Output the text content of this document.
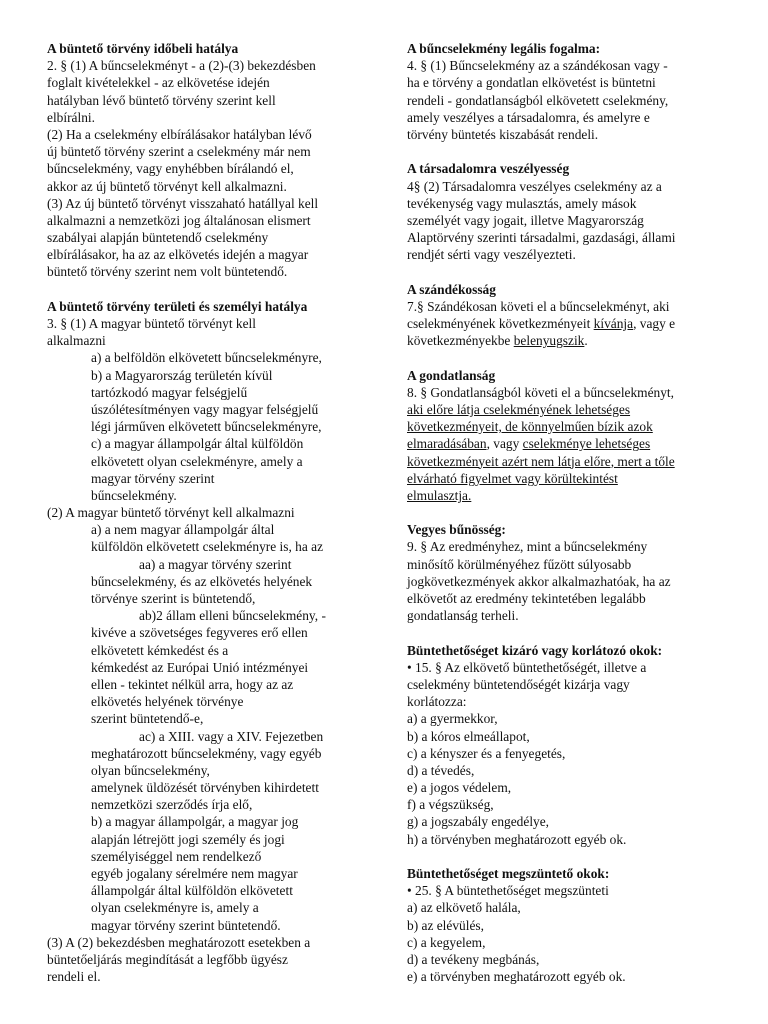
A büntető törvény időbeli hatálya
2. § (1) A bűncselekményt - a (2)-(3) bekezdésben
foglalt kivételekkel - az elkövetése idején
hatályban lévő büntető törvény szerint kell
elbírálni.
(2) Ha a cselekmény elbírálásakor hatályban lévő
új büntető törvény szerint a cselekmény már nem
bűncselekmény, vagy enyhébben bírálandó el,
akkor az új büntető törvényt kell alkalmazni.
(3) Az új büntető törvényt visszaható hatállyal kell
alkalmazni a nemzetközi jog általánosan elismert
szabályai alapján büntetendő cselekmény
elbírálásakor, ha az az elkövetés idején a magyar
büntető törvény szerint nem volt büntetendő.
A büntető törvény területi és személyi hatálya
3. § (1) A magyar büntető törvényt kell
alkalmazni
a) a belföldön elkövetett bűncselekményre,
b) a Magyarország területén kívül
tartózkodó magyar felségjelű
úszólétesítményen vagy magyar felségjelű
légi járműven elkövetett bűncselekményre,
c) a magyar állampolgár által külföldön
elkövetett olyan cselekményre, amely a
magyar törvény szerint
bűncselekmény.
(2) A magyar büntető törvényt kell alkalmazni
a) a nem magyar állampolgár által
külföldön elkövetett cselekményre is, ha az
aa) a magyar törvény szerint
bűncselekmény, és az elkövetés helyének
törvénye szerint is büntetendő,
ab)2 állam elleni bűncselekmény, -
kivéve a szövetséges fegyveres erő ellen
elkövetett kémkedést és a
kémkedést az Európai Unió intézményei
ellen - tekintet nélkül arra, hogy az az
elkövetés helyének törvénye
szerint büntetendő-e,
ac) a XIII. vagy a XIV. Fejezetben
meghatározott bűncselekmény, vagy egyéb
olyan bűncselekmény,
amelynek üldözését törvényben kihirdetett
nemzetközi szerződés írja elő,
b) a magyar állampolgár, a magyar jog
alapján létrejött jogi személy és jogi
személyiséggel nem rendelkező
egyéb jogalany sérelmére nem magyar
állampolgár által külföldön elkövetett
olyan cselekményre is, amely a
magyar törvény szerint büntetendő.
(3) A (2) bekezdésben meghatározott esetekben a
büntetőeljárás megindítását a legfőbb ügyész
rendeli el.
A bűncselekmény legális fogalma:
4. § (1) Bűncselekmény az a szándékosan vagy -
ha e törvény a gondatlan elkövetést is büntetni
rendeli - gondatlanságból elkövetett cselekmény,
amely veszélyes a társadalomra, és amelyre e
törvény büntetés kiszabását rendeli.
A társadalomra veszélyesség
4§ (2) Társadalomra veszélyes cselekmény az a
tevékenység vagy mulasztás, amely mások
személyét vagy jogait, illetve Magyarország
Alaptörvény szerinti társadalmi, gazdasági, állami
rendjét sérti vagy veszélyezteti.
A szándékosság
7.§ Szándékosan követi el a bűncselekményt, aki
cselekményének következményeit kívánja, vagy e
következményekbe belenyugszik.
A gondatlanság
8. § Gondatlanságból követi el a bűncselekményt,
aki előre látja cselekményének lehetséges
következményeit, de könnyelműen bízik azok
elmaradásában, vagy cselekménye lehetséges
következményeit azért nem látja előre, mert a tőle
elvárható figyelmet vagy körültekintést
elmulasztja.
Vegyes bűnösség:
9. § Az eredményhez, mint a bűncselekmény
minősítő körülményéhez fűzött súlyosabb
jogkövetkezmények akkor alkalmazhatóak, ha az
elkövetőt az eredmény tekintetében legalább
gondatlanság terheli.
Büntethetőséget kizáró vagy korlátozó okok:
• 15. § Az elkövető büntethetőségét, illetve a
cselekmény büntetendőségét kizárja vagy
korlátozza:
a) a gyermekkor,
b) a kóros elmeállapot,
c) a kényszer és a fenyegetés,
d) a tévedés,
e) a jogos védelem,
f) a végszükség,
g) a jogszabály engedélye,
h) a törvényben meghatározott egyéb ok.
Büntethetőséget megszüntető okok:
• 25. § A büntethetőséget megszünteti
a) az elkövető halála,
b) az elévülés,
c) a kegyelem,
d) a tevékeny megbánás,
e) a törvényben meghatározott egyéb ok.
